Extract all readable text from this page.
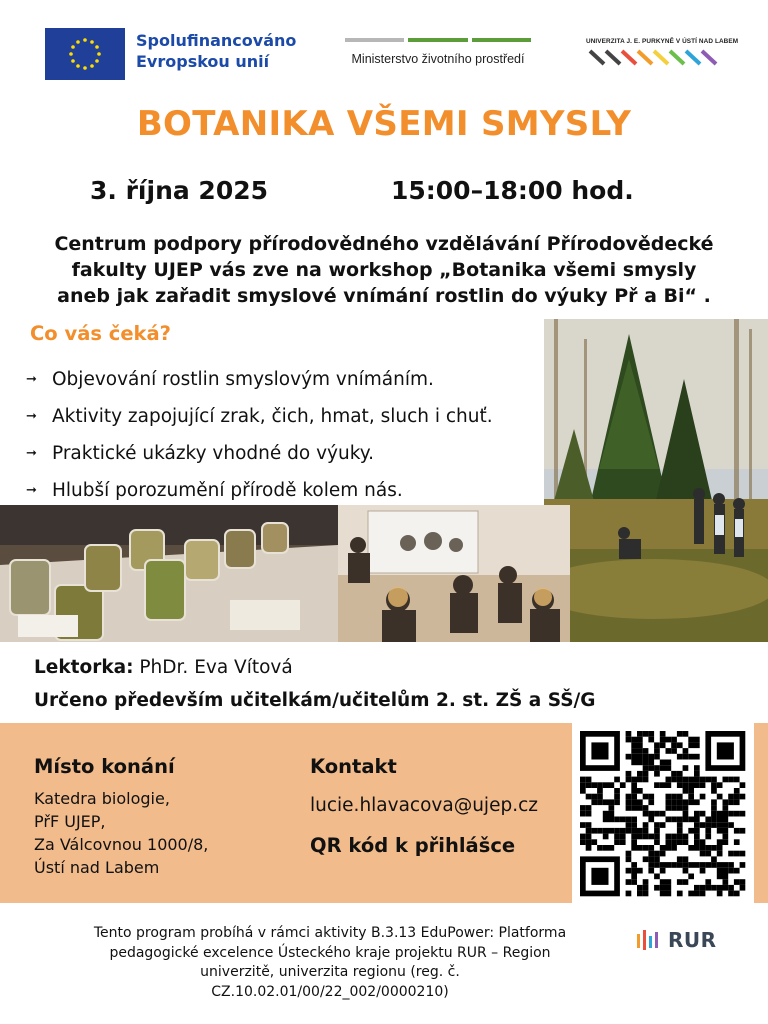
Spolufinancováno
Evropskou unií	Ministerstvo životního prostředí
UNIVERZITA J. E. PURKYNĚ V ÚSTÍ NAD LABEM
BOTANIKA VŠEMI SMYSLY
3. října 2025	15:00–18:00 hod.
Centrum podpory přírodovědného vzdělávání Přírodovědecké
fakulty UJEP vás zve na workshop „Botanika všemi smysly
aneb jak zařadit smyslové vnímání rostlin do výuky Př a Bi“ .
Co vás čeká?
➞ Objevování rostlin smyslovým vnímáním.
➞ Aktivity zapojující zrak, čich, hmat, sluch i chuť.
➞ Praktické ukázky vhodné do výuky.
➞ Hlubší porozumění přírodě kolem nás.
Lektorka: PhDr. Eva Vítová
Určeno především učitelkám/učitelům 2. st. ZŠ a SŠ/G
Místo konání
Katedra biologie,
PřF UJEP,
Za Válcovnou 1000/8,
Ústí nad Labem
Kontakt
lucie.hlavacova@ujep.cz
QR kód k přihlášce
Tento program probíhá v rámci aktivity B.3.13 EduPower: Platforma
pedagogické excelence Ústeckého kraje projektu RUR – Region
univerzitě, univerzita regionu (reg. č.
CZ.10.02.01/00/22_002/0000210)
RUR
